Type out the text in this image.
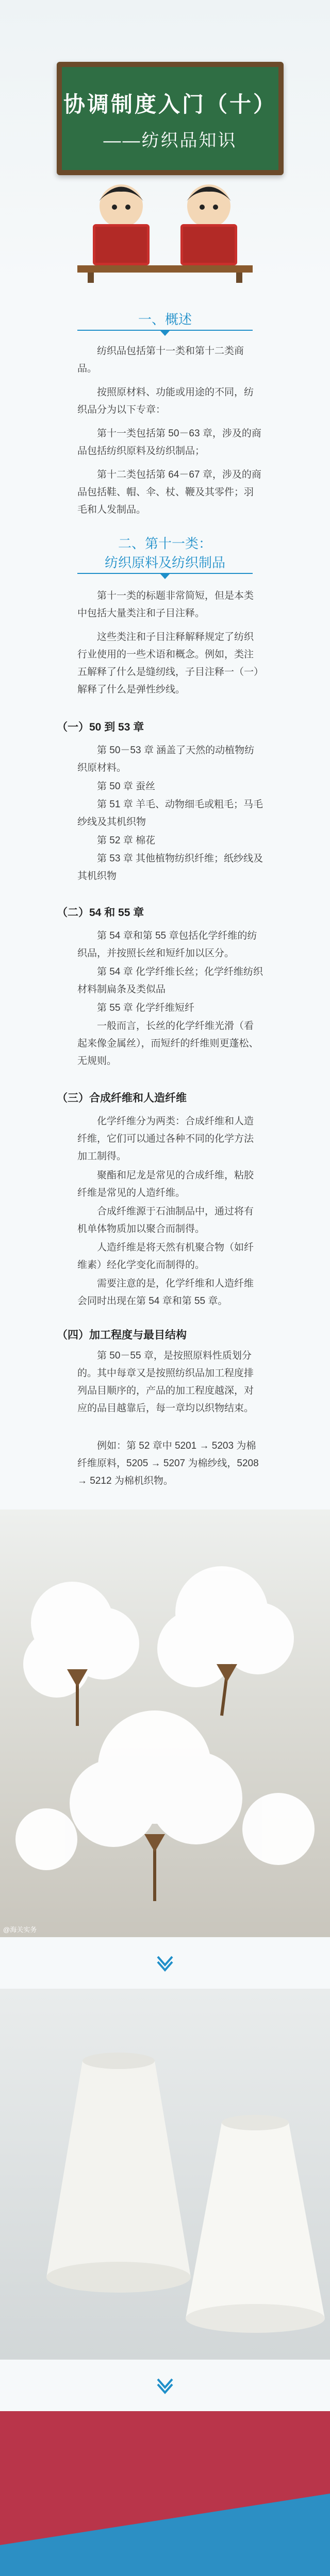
协调制度入门（十）
——纺织品知识
一、概述
纺织品包括第十一类和第十二类商品。
按照原材料、功能或用途的不同，纺织品分为以下专章：
第十一类包括第 50－63 章，涉及的商品包括纺织原料及纺织制品；
第十二类包括第 64－67 章，涉及的商品包括鞋、帽、伞、杖、鞭及其零件；羽毛和人发制品。
二、第十一类：
纺织原料及纺织制品
第十一类的标题非常简短，但是本类中包括大量类注和子目注释。
这些类注和子目注释解释规定了纺织行业使用的一些术语和概念。例如，类注五解释了什么是缝纫线，子目注释一（一）解释了什么是弹性纱线。
（一）50 到 53 章
第 50－53 章 涵盖了天然的动植物纺织原材料。
第 50 章 蚕丝
第 51 章 羊毛、动物细毛或粗毛；马毛纱线及其机织物
第 52 章 棉花
第 53 章 其他植物纺织纤维；纸纱线及其机织物
（二）54 和 55 章
第 54 章和第 55 章包括化学纤维的纺织品，并按照长丝和短纤加以区分。
第 54 章 化学纤维长丝；化学纤维纺织材料制扁条及类似品
第 55 章 化学纤维短纤
一般而言，长丝的化学纤维光滑（看起来像金属丝），而短纤的纤维则更蓬松、无规则。
（三）合成纤维和人造纤维
化学纤维分为两类：合成纤维和人造纤维，它们可以通过各种不同的化学方法加工制得。
聚酯和尼龙是常见的合成纤维，粘胶纤维是常见的人造纤维。
合成纤维源于石油制品中，通过将有机单体物质加以聚合而制得。
人造纤维是将天然有机聚合物（如纤维素）经化学变化而制得的。
需要注意的是，化学纤维和人造纤维会同时出现在第 54 章和第 55 章。
（四）加工程度与最目结构
第 50－55 章，是按照原料性质划分的。其中每章又是按照纺织品加工程度排列品目顺序的，产品的加工程度越深，对应的品目越靠后，每一章均以织物结束。
例如：第 52 章中 5201 → 5203 为棉纤维原料，5205 → 5207 为棉纱线，5208 → 5212 为棉机织物。
@海关实务
